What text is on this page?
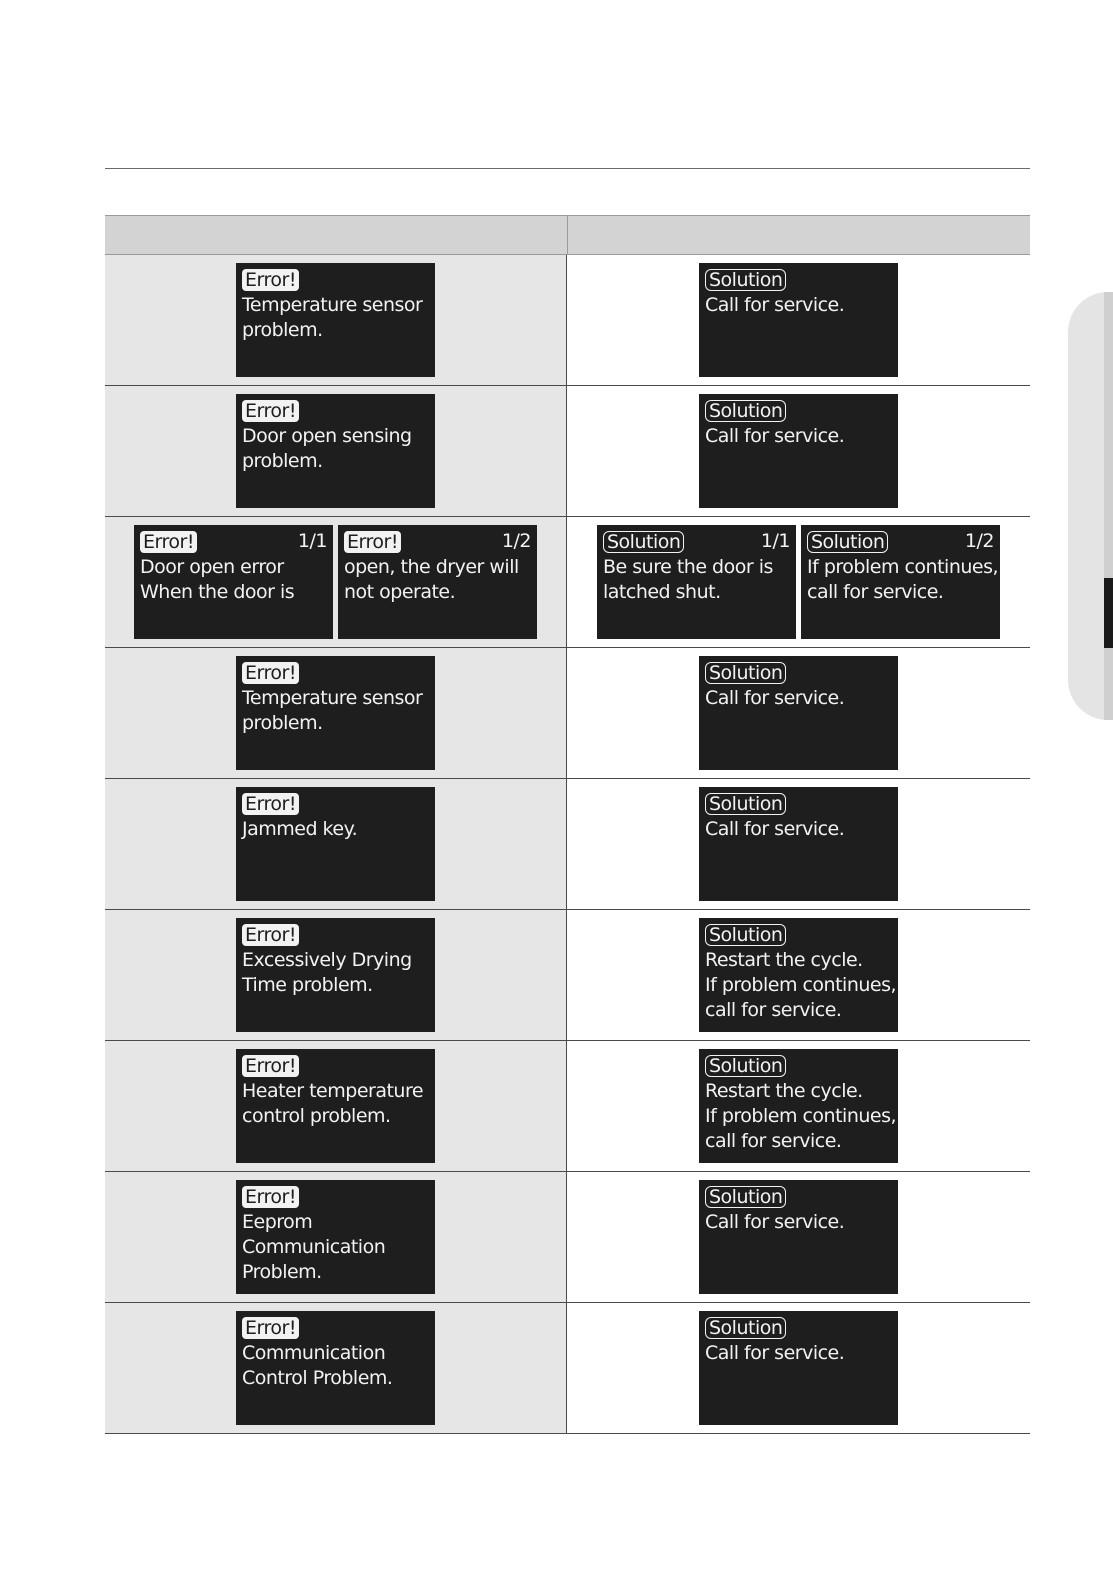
Error!
Temperature sensor
problem.
Solution
Call for service.
Error!
Door open sensing
problem.
Solution
Call for service.
Error!	1/1
Door open error
When the door is
Error!	1/2
open, the dryer will
not operate.
Solution	1/1
Be sure the door is
latched shut.
Solution	1/2
If problem continues,
call for service.
Error!
Temperature sensor
problem.
Solution
Call for service.
Error!
Jammed key.
Solution
Call for service.
Error!
Excessively Drying
Time problem.
Solution
Restart the cycle.
If problem continues,
call for service.
Error!
Heater temperature
control problem.
Solution
Restart the cycle.
If problem continues,
call for service.
Error!
Eeprom
Communication
Problem.
Solution
Call for service.
Error!
Communication
Control Problem.
Solution
Call for service.
